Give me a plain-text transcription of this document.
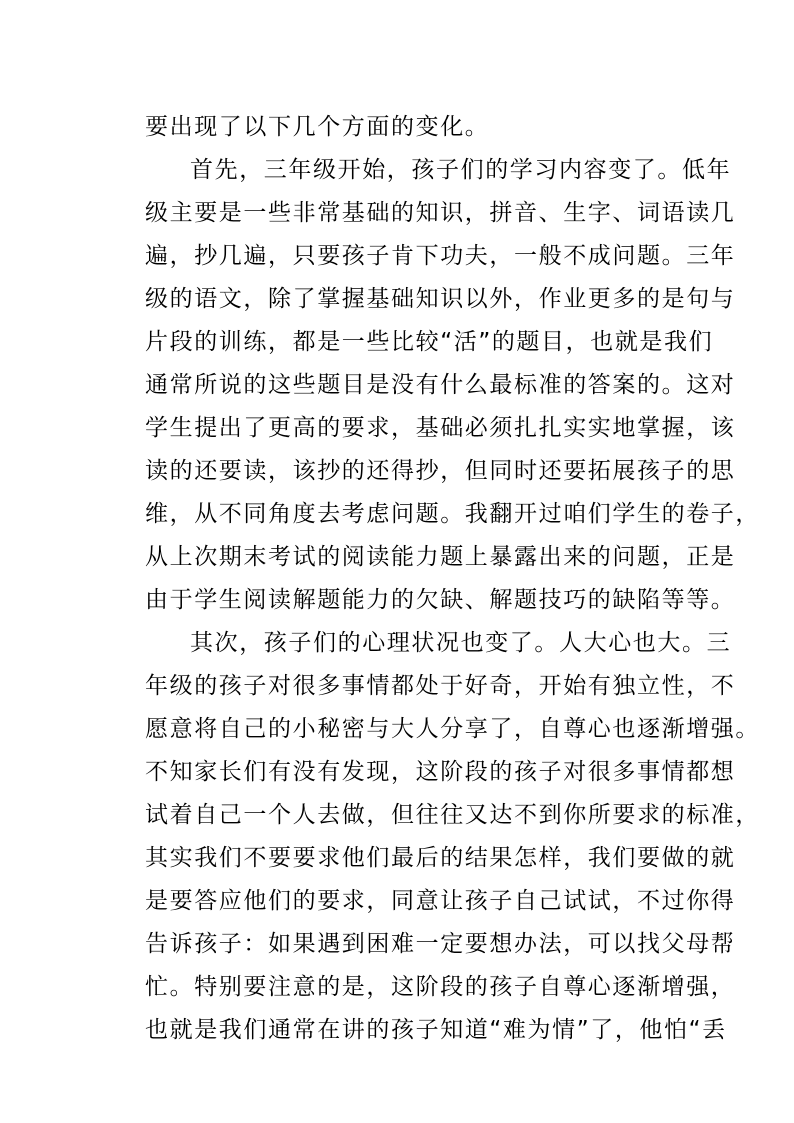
要出现了以下几个方面的变化。
首先，三年级开始，孩子们的学习内容变了。低年
级主要是一些非常基础的知识，拼音、生字、词语读几
遍，抄几遍，只要孩子肯下功夫，一般不成问题。三年
级的语文，除了掌握基础知识以外，作业更多的是句与
片段的训练，都是一些比较“活”的题目，也就是我们
通常所说的这些题目是没有什么最标准的答案的。这对
学生提出了更高的要求，基础必须扎扎实实地掌握，该
读的还要读，该抄的还得抄，但同时还要拓展孩子的思
维，从不同角度去考虑问题。我翻开过咱们学生的卷子，
从上次期末考试的阅读能力题上暴露出来的问题，正是
由于学生阅读解题能力的欠缺、解题技巧的缺陷等等。
其次，孩子们的心理状况也变了。人大心也大。三
年级的孩子对很多事情都处于好奇，开始有独立性，不
愿意将自己的小秘密与大人分享了，自尊心也逐渐增强。
不知家长们有没有发现，这阶段的孩子对很多事情都想
试着自己一个人去做，但往往又达不到你所要求的标准，
其实我们不要要求他们最后的结果怎样，我们要做的就
是要答应他们的要求，同意让孩子自己试试，不过你得
告诉孩子：如果遇到困难一定要想办法，可以找父母帮
忙。特别要注意的是，这阶段的孩子自尊心逐渐增强，
也就是我们通常在讲的孩子知道“难为情”了，他怕“丢
